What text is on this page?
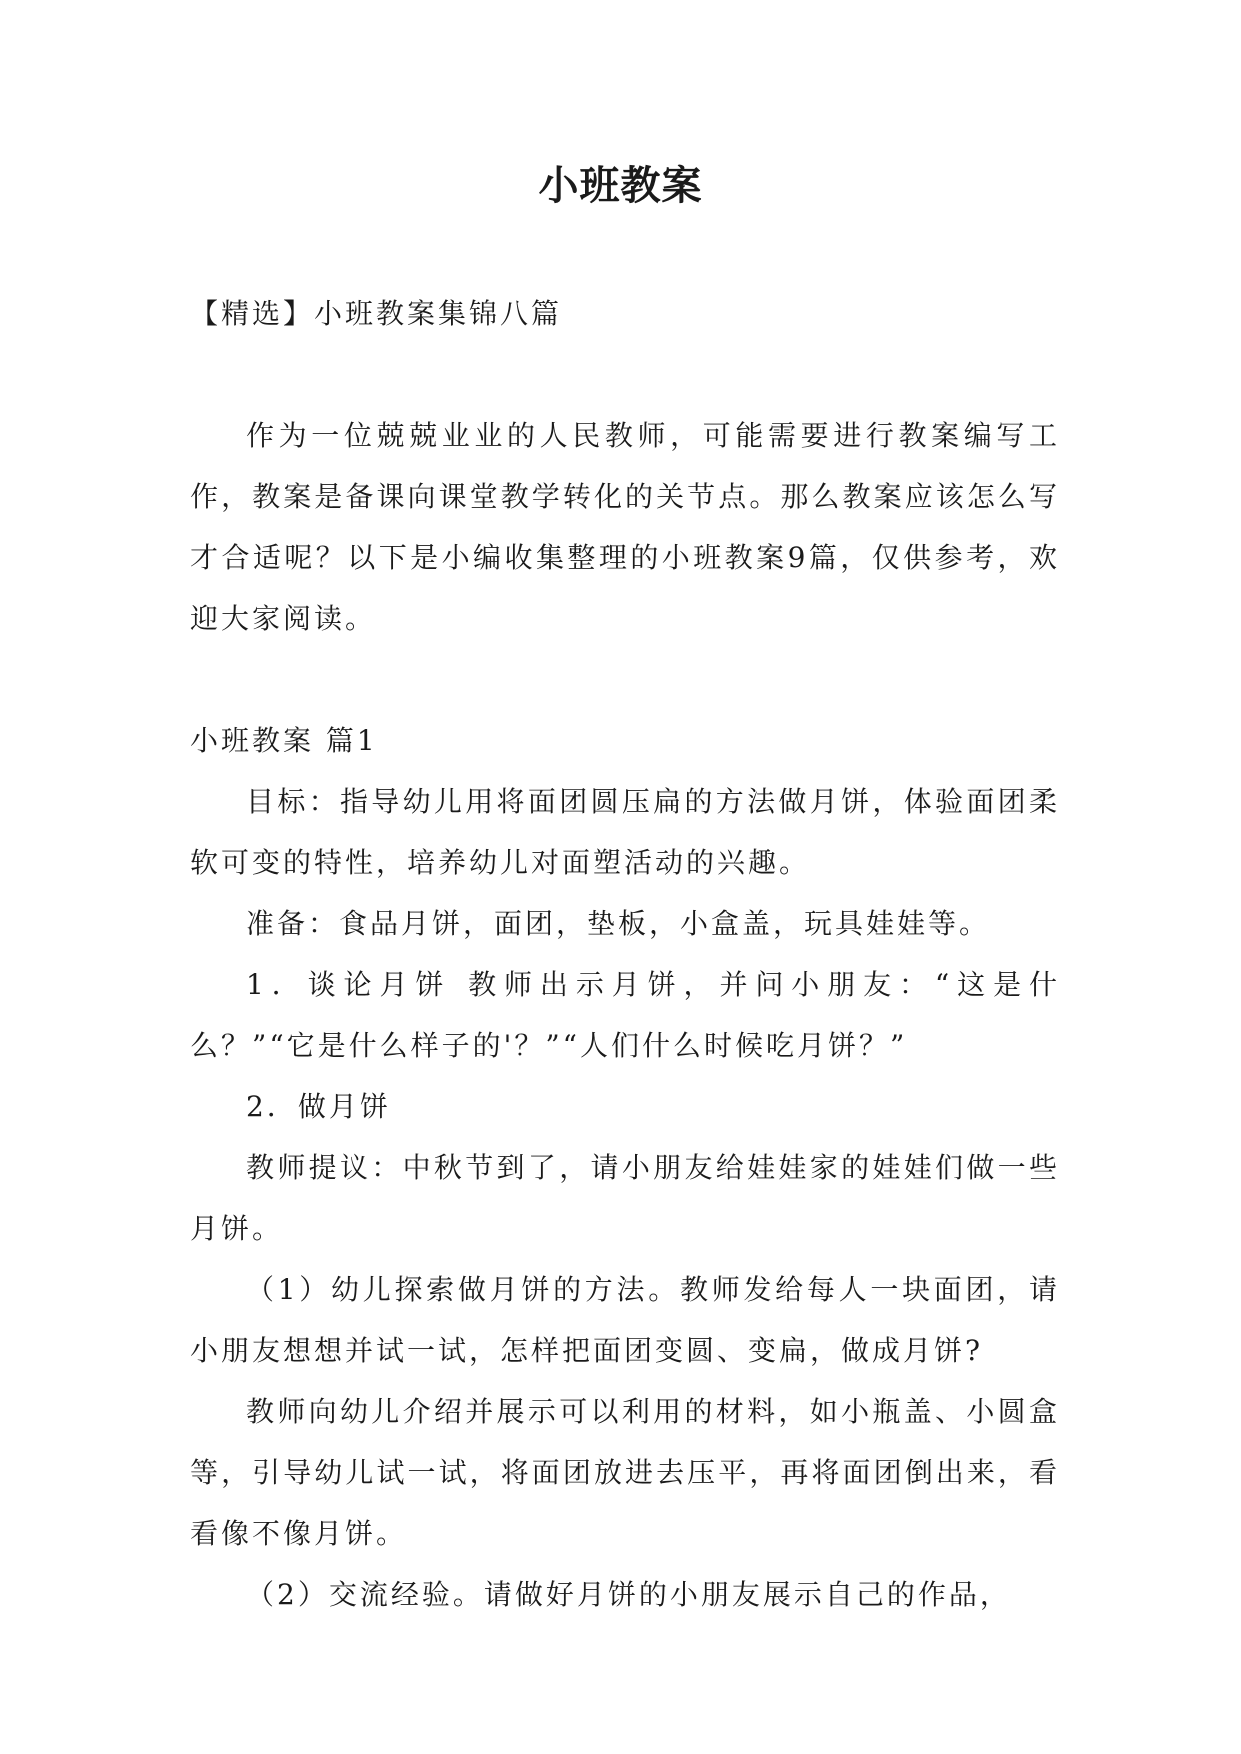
小班教案
【精选】小班教案集锦八篇

作为一位兢兢业业的人民教师，可能需要进行教案编写工作，教案是备课向课堂教学转化的关节点。那么教案应该怎么写才合适呢？以下是小编收集整理的小班教案9篇，仅供参考，欢迎大家阅读。

小班教案 篇1

目标：指导幼儿用将面团圆压扁的方法做月饼，体验面团柔软可变的特性，培养幼儿对面塑活动的兴趣。

准备：食品月饼，面团，垫板，小盒盖，玩具娃娃等。

1．谈论月饼 教师出示月饼，并问小朋友：“这是什么？”“它是什么样子的'？”“人们什么时候吃月饼？”

2．做月饼

教师提议：中秋节到了，请小朋友给娃娃家的娃娃们做一些月饼。

（1）幼儿探索做月饼的方法。教师发给每人一块面团，请小朋友想想并试一试，怎样把面团变圆、变扁，做成月饼?

教师向幼儿介绍并展示可以利用的材料，如小瓶盖、小圆盒等，引导幼儿试一试，将面团放进去压平，再将面团倒出来，看看像不像月饼。

（2）交流经验。请做好月饼的小朋友展示自己的作品，
